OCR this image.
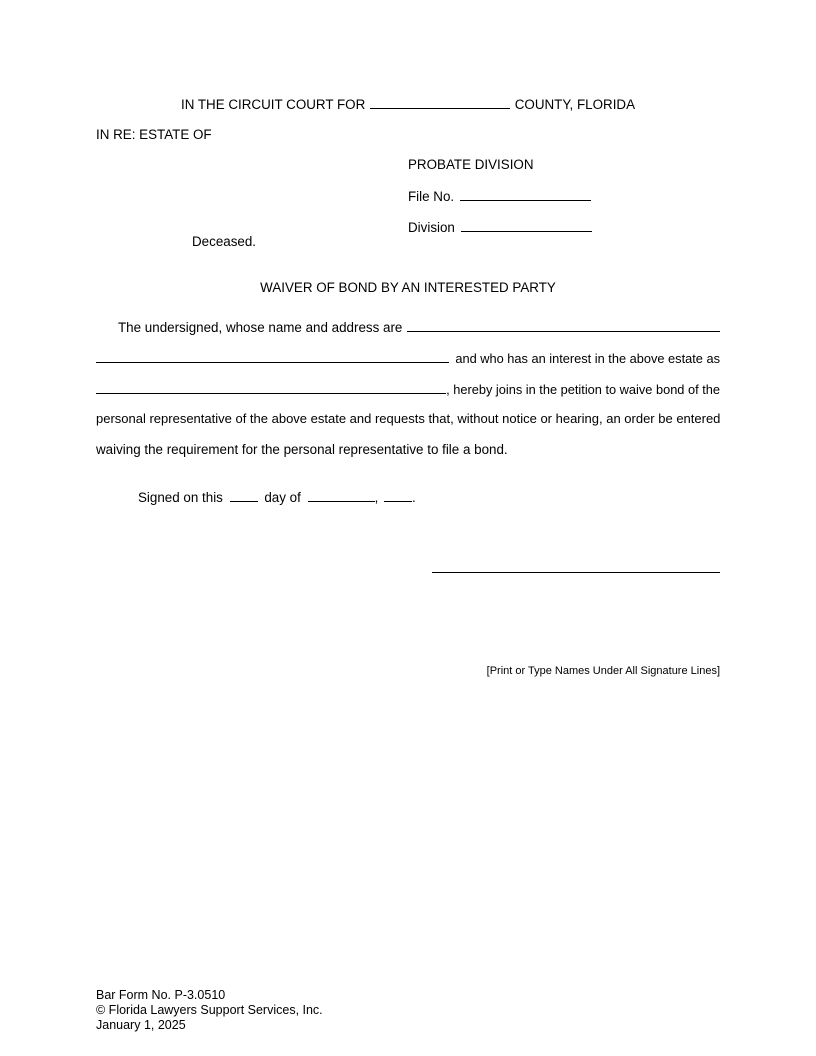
IN THE CIRCUIT COURT FOR	COUNTY, FLORIDA
IN RE: ESTATE OF
PROBATE DIVISION
File No.
Division
Deceased.
WAIVER OF BOND BY AN INTERESTED PARTY
The undersigned, whose name and address are
and who has an interest in the above estate as
, hereby joins in the petition to waive bond of the
personal representative of the above estate and requests that, without notice or hearing, an order be entered
waiving the requirement for the personal representative to file a bond.
Signed on this	day of	,	.
[Print or Type Names Under All Signature Lines]
Bar Form No. P-3.0510
© Florida Lawyers Support Services, Inc.
January 1, 2025
